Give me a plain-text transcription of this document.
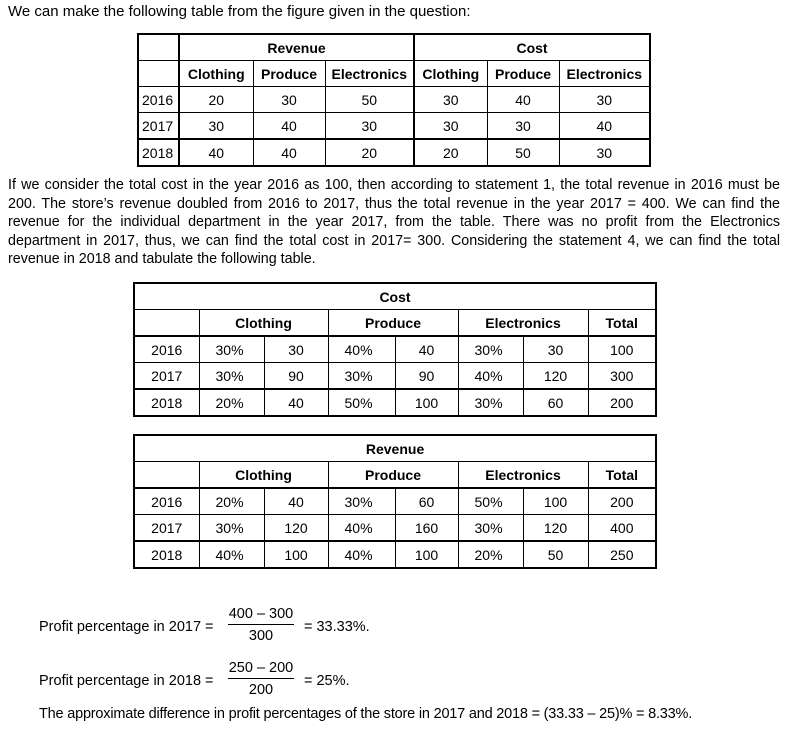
We can make the following table from the figure given in the question:
	Revenue			Cost		
	Clothing	Produce	Electronics	Clothing	Produce	Electronics
2016	20	30	50	30	40	30
2017	30	40	30	30	30	40
2018	40	40	20	20	50	30
If we consider the total cost in the year 2016 as 100, then according to statement 1, the total revenue in 2016 must be 200. The store’s revenue doubled from 2016 to 2017, thus the total revenue in the year 2017 = 400. We can find the revenue for the individual department in the year 2017, from the table. There was no profit from the Electronics department in 2017, thus, we can find the total cost in 2017= 300. Considering the statement 4, we can find the total revenue in 2018 and tabulate the following table.
Cost							
	Clothing		Produce		Electronics		Total
2016	30%	30	40%	40	30%	30	100
2017	30%	90	30%	90	40%	120	300
2018	20%	40	50%	100	30%	60	200
Revenue							
	Clothing		Produce		Electronics		Total
2016	20%	40	30%	60	50%	100	200
2017	30%	120	40%	160	30%	120	400
2018	40%	100	40%	100	20%	50	250
Profit percentage in $2017 = \frac{400 - 300}{300} = 33.33\%$.
Profit percentage in $2018 = \frac{250 - 200}{200} = 25\%$.
The approximate difference in profit percentages of the store in 2017 and 2018 = (33.33 – 25)% = 8.33%.
